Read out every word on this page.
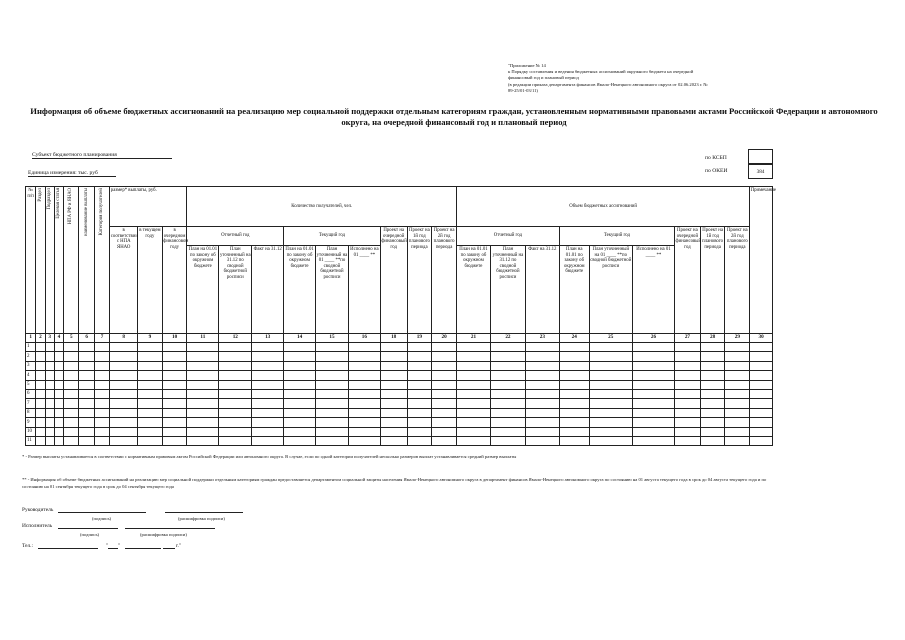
"Приложение № 14
к Порядку составления и ведения бюджетных ассигнований окружного бюджета на очередной
финансовый год и плановый период
(в редакции приказа департамента финансов Ямало-Ненецкого автономного округа от 02.06.2023 г. №
89-25/01-03/11)
Информация об объеме бюджетных ассигнований на реализацию мер социальной поддержки отдельным категориям граждан, установленным нормативными правовыми актами Российской Федерации и автономного округа, на очередной финансовый год и плановый период
Субъект бюджетного планирования
Единица измерения: тыс. руб
по КСБП
по ОКЕИ	384
№ п/п	Раздел	Подраздел	Целевая статья	НПА РФ и ЯНАО	наименование выплаты	Категория получателей	размер* выплаты, руб.			Количество получателей, чел.									Объем бюджетных ассигнований									Примечание
							в соответствии с НПА ЯНАО	в текущем году	в очередном финансовом году	Отчетный год			Текущий год			Проект на очередной финансовый год	Проект на 1й год планового периода	Проект на 2й год планового периода	Отчетный год			Текущий год			Проект на очередной финансовый год	Проект на 1й год планового периода	Проект на 2й год планового периода	
										План на 01.01 по закону об окружном бюджете	План уточненный на 31.12 по сводной бюджетной росписи	Факт на 31.12	План на 01.01 по закону об окружном бюджете	План уточненный на 01 ____ **по сводной бюджетной росписи	Исполнено на 01 ____ **				План на 01.01 по закону об окружном бюджете	План уточненный на 31.12 по сводной бюджетной росписи	Факт на 31.12	План на 01.01 по закону об окружном бюджете	План уточненный на 01 ____ **по сводной бюджетной росписи	Исполнено на 01 ____ **				
1	2	3	4	5	6	7	8	9	10	11	12	13	14	15	16	18	19	20	21	22	23	24	25	26	27	28	29	30
1																												
2																												
3																												
4																												
5																												
6																												
7																												
8																												
9																												
10																												
11																												
* - Размер выплаты устанавливается в соответствии с нормативным правовым актом Российской Федерации или автономного округа. В случае, если по одной категории получателей несколько размеров выплат устанавливается средний размер выплаты
** - Информация об объеме бюджетных ассигнований на реализацию мер социальной поддержки отдельным категориям граждан предоставляется департаментом социальной защиты населения Ямало-Ненецкого автономного округа в департамент финансов Ямало-Ненецкого автономного округа по состоянию на 01 августа текущего года в срок до 04 августа текущего года и по состоянию на 01 сентября текущего года в срок до 04 сентября текущего года
Руководитель
(подпись)	(расшифровка подписи)
Исполнитель
(подпись)	(расшифровка подписи)
Тел.:	" "	г."
